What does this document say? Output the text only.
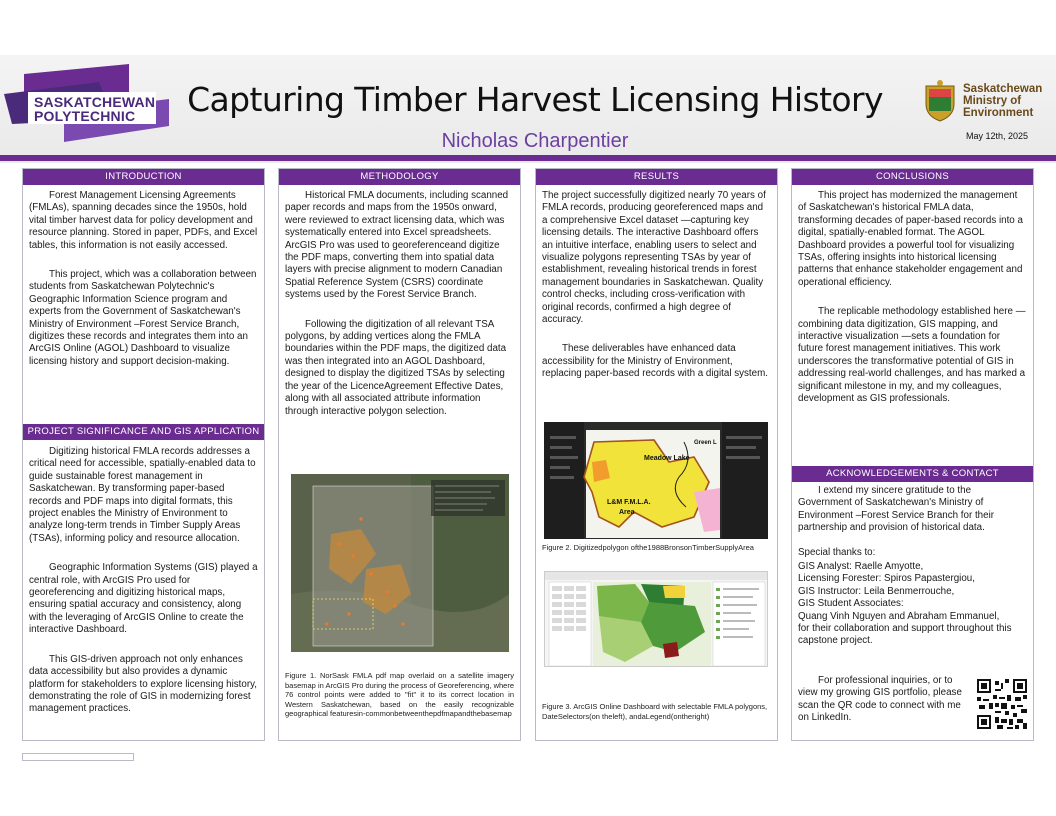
SASKATCHEWAN
POLYTECHNIC	Capturing Timber Harvest Licensing History
Nicholas Charpentier
Saskatchewan
Ministry of
Environment
May 12th, 2025
INTRODUCTION
Forest Management Licensing Agreements (FMLAs), spanning decades since the 1950s, hold vital timber harvest data for policy development and resource planning. Stored in paper, PDFs, and Excel tables, this information is not easily accessed.
This project, which was a collaboration between students from Saskatchewan Polytechnic's Geographic Information Science program and experts from the Government of Saskatchewan's Ministry of Environment –Forest Service Branch, digitizes these records and integrates them into an ArcGIS Online (AGOL) Dashboard to visualize licensing history and support decision-making.
PROJECT SIGNIFICANCE AND GIS APPLICATION
Digitizing historical FMLA records addresses a critical need for accessible, spatially-enabled data to guide sustainable forest management in Saskatchewan. By transforming paper-based records and PDF maps into digital formats, this project enables the Ministry of Environment to analyze long-term trends in Timber Supply Areas (TSAs), informing policy and resource allocation.
Geographic Information Systems (GIS) played a central role, with ArcGIS Pro used for georeferencing and digitizing historical maps, ensuring spatial accuracy and consistency, along with the leveraging of ArcGIS Online to create the interactive Dashboard.
This GIS-driven approach not only enhances data accessibility but also provides a dynamic platform for stakeholders to explore licensing history, demonstrating the role of GIS in modernizing forest management practices.
METHODOLOGY
Historical FMLA documents, including scanned paper records and maps from the 1950s onward, were reviewed to extract licensing data, which was systematically entered into Excel spreadsheets. ArcGIS Pro was used to georeferenceand digitize the PDF maps, converting them into spatial data layers with precise alignment to modern Canadian Spatial Reference System (CSRS) coordinate systems used by the Forest Service Branch.
Following the digitization of all relevant TSA polygons, by adding vertices along the FMLA boundaries within the PDF maps, the digitized data was then integrated into an AGOL Dashboard, designed to display the digitized TSAs by selecting the year of the LicenceAgreement Effective Dates, along with all associated attribute information through interactive polygon selection.
Figure 1. NorSask FMLA pdf map overlaid on a satellite imagery basemap in ArcGIS Pro during the process of Georeferencing, where 76 control points were added to "fit" it to its correct location in Western Saskatchewan, based on the easily recognizable geographical featuresin-commonbetweenthepdfmapandthebasemap
RESULTS
The project successfully digitized nearly 70 years of FMLA records, producing georeferenced maps and a comprehensive Excel dataset —capturing key licensing details. The interactive Dashboard offers an intuitive interface, enabling users to select and visualize polygons representing TSAs by year of establishment, revealing historical trends in forest management boundaries in Saskatchewan. Quality control checks, including cross-verification with original records, confirmed a high degree of accuracy.
These deliverables have enhanced data accessibility for the Ministry of Environment, replacing paper-based records with a digital system.
Meadow Lake
L&M F.M.L.A.
Area
Green L
Figure 2. Digitizedpolygon ofthe1988BronsonTimberSupplyArea
Figure 3. ArcGIS Online Dashboard with selectable FMLA polygons, DateSelectors(on theleft), andaLegend(ontheright)
CONCLUSIONS
This project has modernized the management of Saskatchewan's historical FMLA data, transforming decades of paper-based records into a digital, spatially-enabled format. The AGOL Dashboard provides a powerful tool for visualizing TSAs, offering insights into historical licensing patterns that enhance stakeholder engagement and operational efficiency.
The replicable methodology established here —combining data digitization, GIS mapping, and interactive visualization —sets a foundation for future forest management initiatives. This work underscores the transformative potential of GIS in addressing real-world challenges, and has marked a significant milestone in my, and my colleagues, development as GIS professionals.
ACKNOWLEDGEMENTS & CONTACT
I extend my sincere gratitude to the Government of Saskatchewan's Ministry of Environment –Forest Service Branch for their partnership and provision of historical data.
Special thanks to:
GIS Analyst: Raelle Amyotte,
Licensing Forester: Spiros Papastergiou,
GIS Instructor: Leila Benmerrouche,
GIS Student Associates:
Quang Vinh Nguyen and Abraham Emmanuel,
for their collaboration and support throughout this capstone project.
For professional inquiries, or to view my growing GIS portfolio, please scan the QR code to connect with me on LinkedIn.
